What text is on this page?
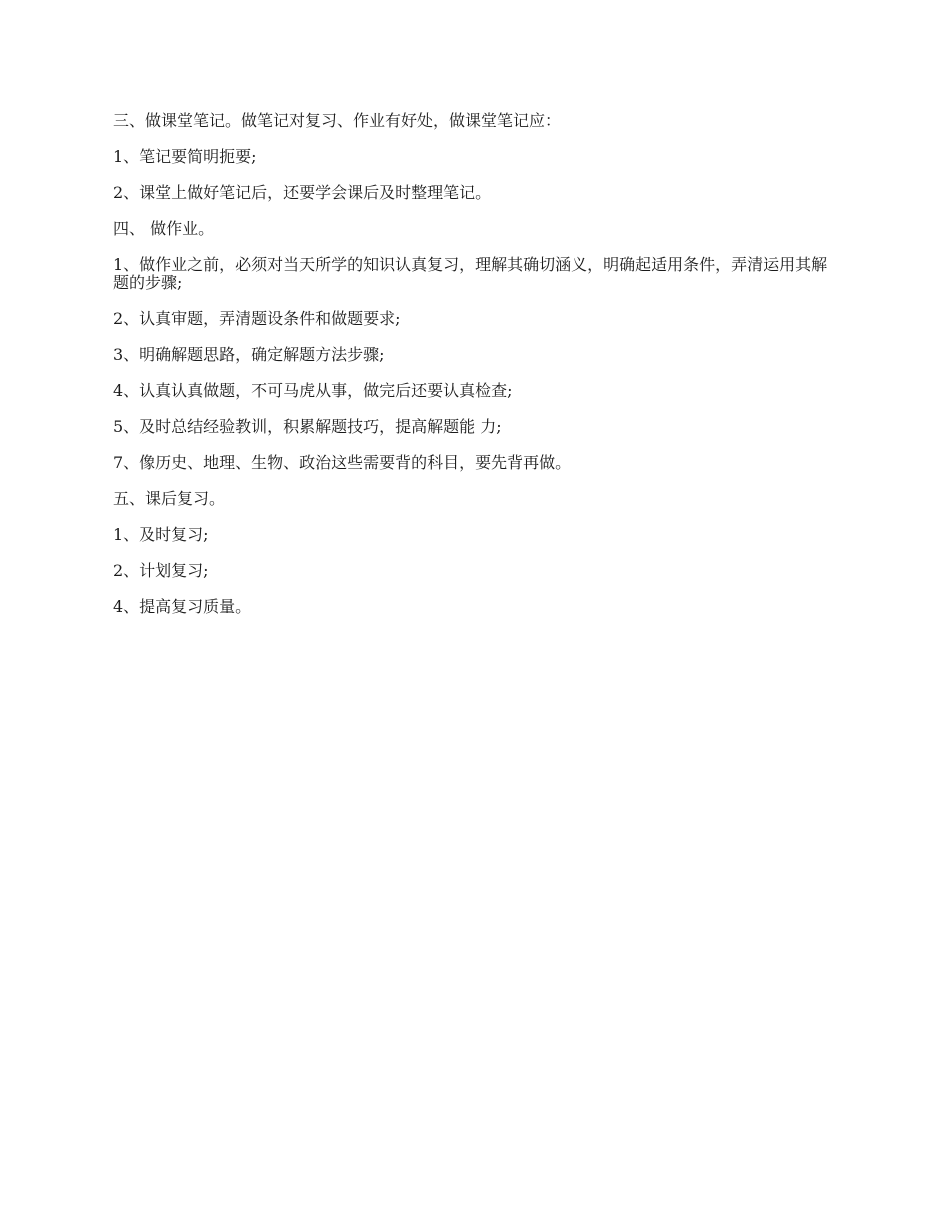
三、做课堂笔记。做笔记对复习、作业有好处，做课堂笔记应：

1、笔记要简明扼要;

2、课堂上做好笔记后，还要学会课后及时整理笔记。

四、 做作业。

1、做作业之前，必须对当天所学的知识认真复习，理解其确切涵义，明确起适用条件，弄清运用其解题的步骤;

2、认真审题，弄清题设条件和做题要求;

3、明确解题思路，确定解题方法步骤;

4、认真认真做题，不可马虎从事，做完后还要认真检查;

5、及时总结经验教训，积累解题技巧，提高解题能 力;

7、像历史、地理、生物、政治这些需要背的科目，要先背再做。

五、课后复习。

1、及时复习;

2、计划复习;

4、提高复习质量。
